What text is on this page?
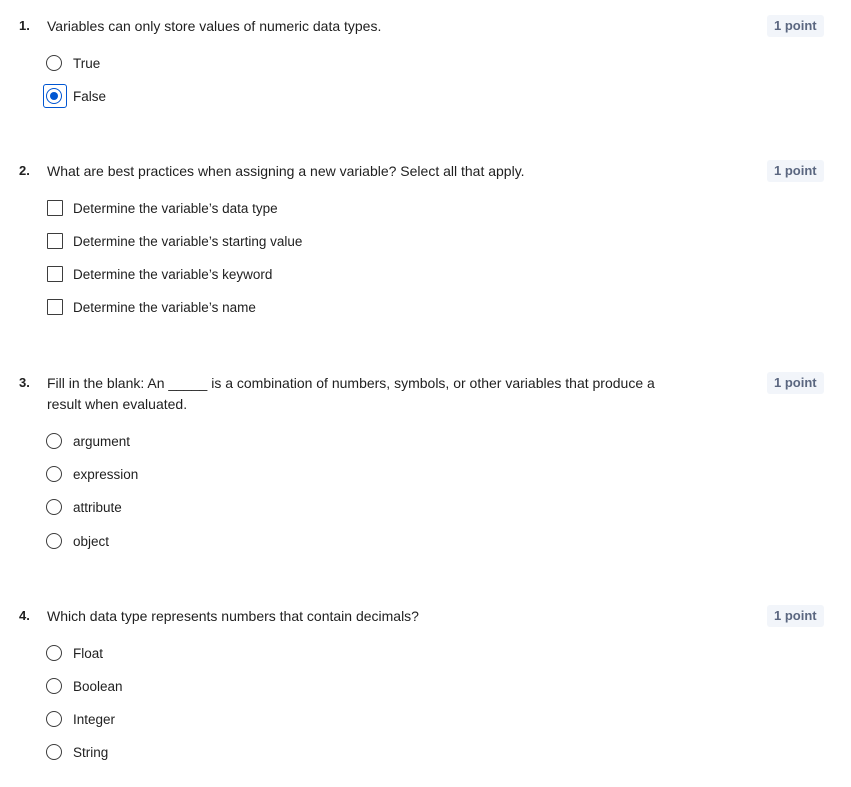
1. Variables can only store values of numeric data types.	1 point
True
False
2. What are best practices when assigning a new variable? Select all that apply.	1 point
Determine the variable’s data type
Determine the variable’s starting value
Determine the variable’s keyword
Determine the variable’s name
3. Fill in the blank: An _____ is a combination of numbers, symbols, or other variables that produce a result when evaluated.
1 point
argument
expression
attribute
object
4. Which data type represents numbers that contain decimals?	1 point
Float
Boolean
Integer
String
